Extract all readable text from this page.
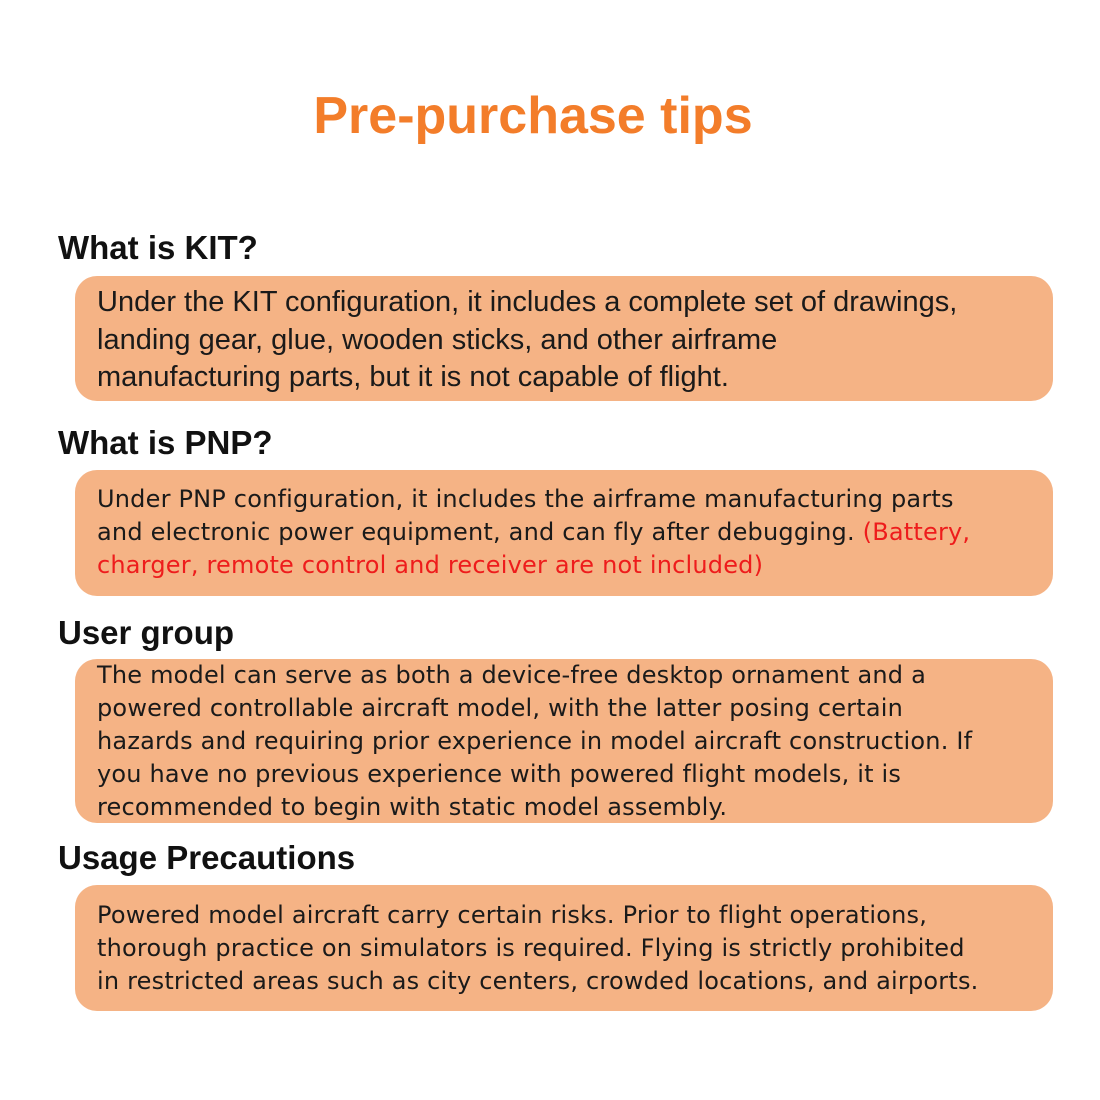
Pre-purchase tips
What is KIT?

Under the KIT configuration, it includes a complete set of drawings,
landing gear, glue, wooden sticks, and other airframe
manufacturing parts, but it is not capable of flight.

What is PNP?

Under PNP configuration, it includes the airframe manufacturing parts
and electronic power equipment, and can fly after debugging. (Battery,
charger, remote control and receiver are not included)

User group

The model can serve as both a device-free desktop ornament and a
powered controllable aircraft model, with the latter posing certain
hazards and requiring prior experience in model aircraft construction. If
you have no previous experience with powered flight models, it is
recommended to begin with static model assembly.

Usage Precautions

Powered model aircraft carry certain risks. Prior to flight operations,
thorough practice on simulators is required. Flying is strictly prohibited
in restricted areas such as city centers, crowded locations, and airports.
